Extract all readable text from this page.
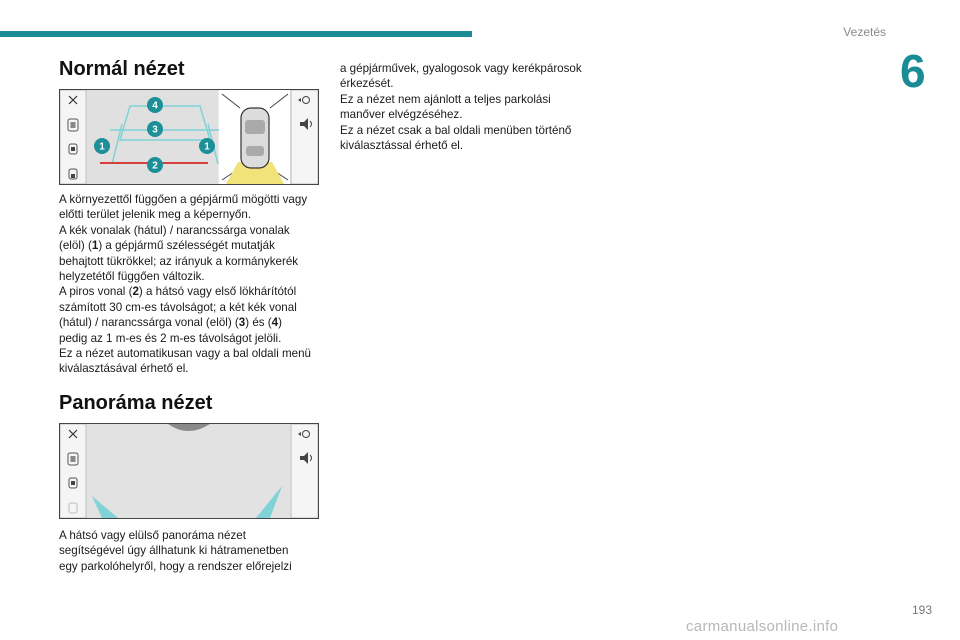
Vezetés
6
Normál nézet
4
3
1
2
1

A környezettől függően a gépjármű mögötti vagy

előtti terület jelenik meg a képernyőn.

A kék vonalak (hátul) / narancssárga vonalak

(elöl) (1) a gépjármű szélességét mutatják

behajtott tükrökkel; az irányuk a kormánykerék

helyzetétől függően változik.

A piros vonal (2) a hátsó vagy első lökhárítótól

számított 30 cm-es távolságot; a két kék vonal

(hátul) / narancssárga vonal (elöl) (3) és (4)

pedig az 1 m-es és 2 m-es távolságot jelöli.

Ez a nézet automatikusan vagy a bal oldali menü

kiválasztásával érhető el.

Panoráma nézet

A hátsó vagy elülső panoráma nézet

segítségével úgy állhatunk ki hátramenetben

egy parkolóhelyről, hogy a rendszer előrejelzi

a gépjárművek, gyalogosok vagy kerékpárosok

érkezését.

Ez a nézet nem ajánlott a teljes parkolási

manőver elvégzéséhez.

Ez a nézet csak a bal oldali menüben történő

kiválasztással érhető el.

193
carmanualsonline.info
